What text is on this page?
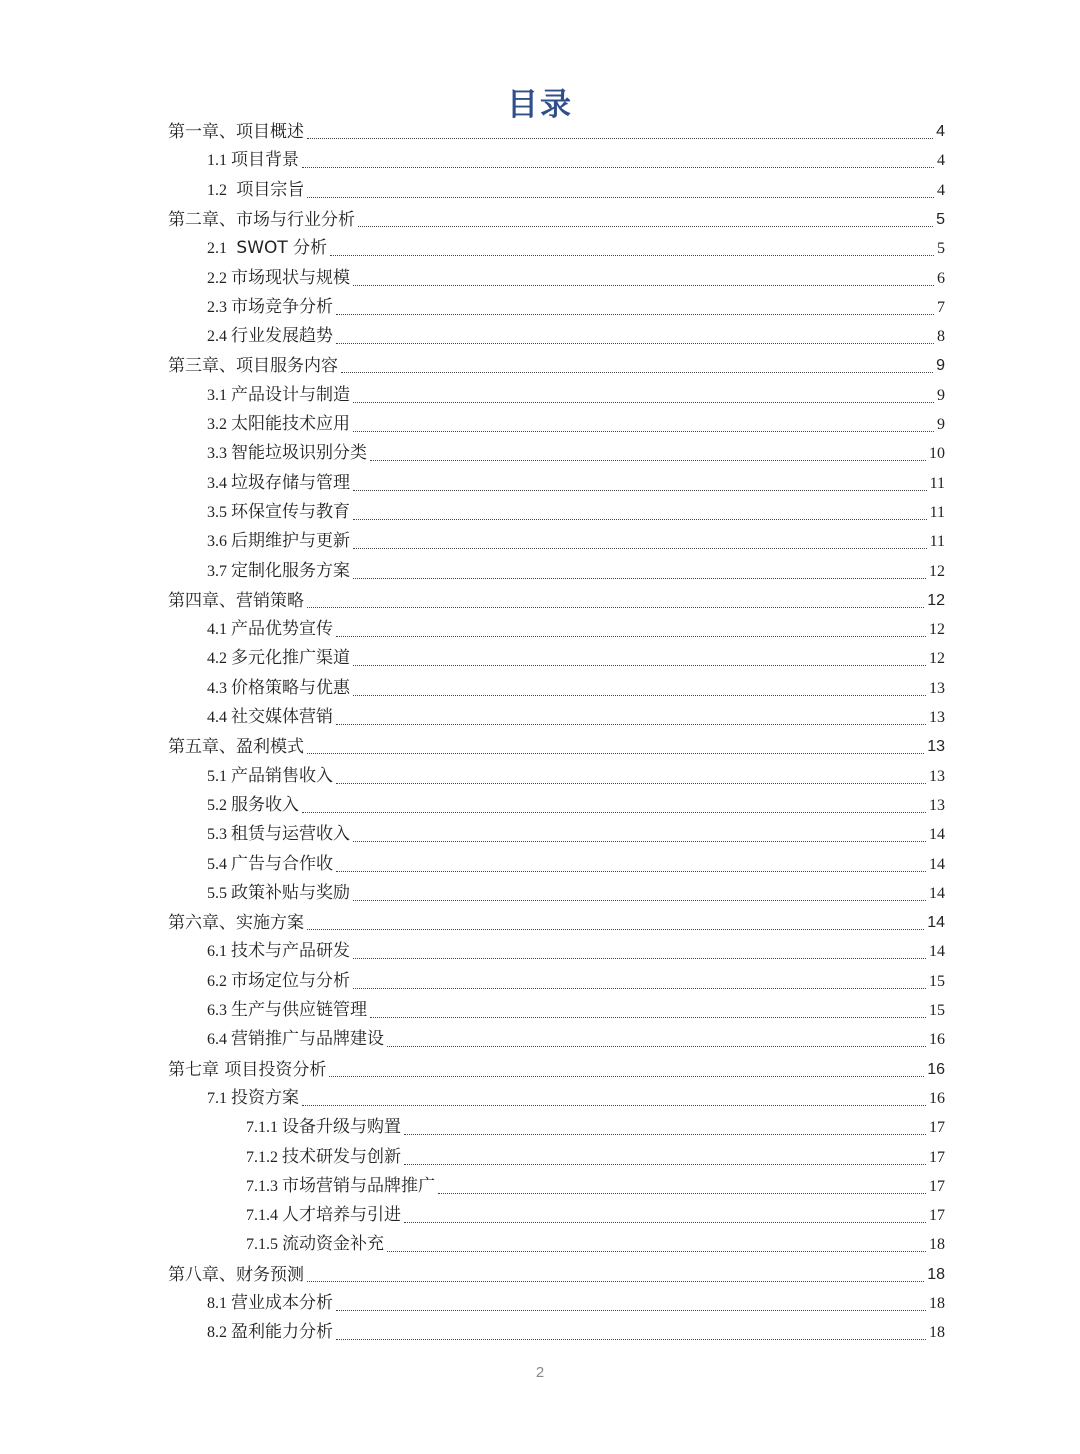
目录
第一章、项目概述	4
1.1 项目背景	4
1.2 项目宗旨	4
第二章、市场与行业分析	5
2.1 SWOT 分析	5
2.2 市场现状与规模	6
2.3 市场竞争分析	7
2.4 行业发展趋势	8
第三章、项目服务内容	9
3.1 产品设计与制造	9
3.2 太阳能技术应用	9
3.3 智能垃圾识别分类	10
3.4 垃圾存储与管理	11
3.5 环保宣传与教育	11
3.6 后期维护与更新	11
3.7 定制化服务方案	12
第四章、营销策略	12
4.1 产品优势宣传	12
4.2 多元化推广渠道	12
4.3 价格策略与优惠	13
4.4 社交媒体营销	13
第五章、盈利模式	13
5.1 产品销售收入	13
5.2 服务收入	13
5.3 租赁与运营收入	14
5.4 广告与合作收	14
5.5 政策补贴与奖励	14
第六章、实施方案	14
6.1 技术与产品研发	14
6.2 市场定位与分析	15
6.3 生产与供应链管理	15
6.4 营销推广与品牌建设	16
第七章 项目投资分析	16
7.1 投资方案	16
7.1.1 设备升级与购置	17
7.1.2 技术研发与创新	17
7.1.3 市场营销与品牌推广	17
7.1.4 人才培养与引进	17
7.1.5 流动资金补充	18
第八章、财务预测	18
8.1 营业成本分析	18
8.2 盈利能力分析	18
2
